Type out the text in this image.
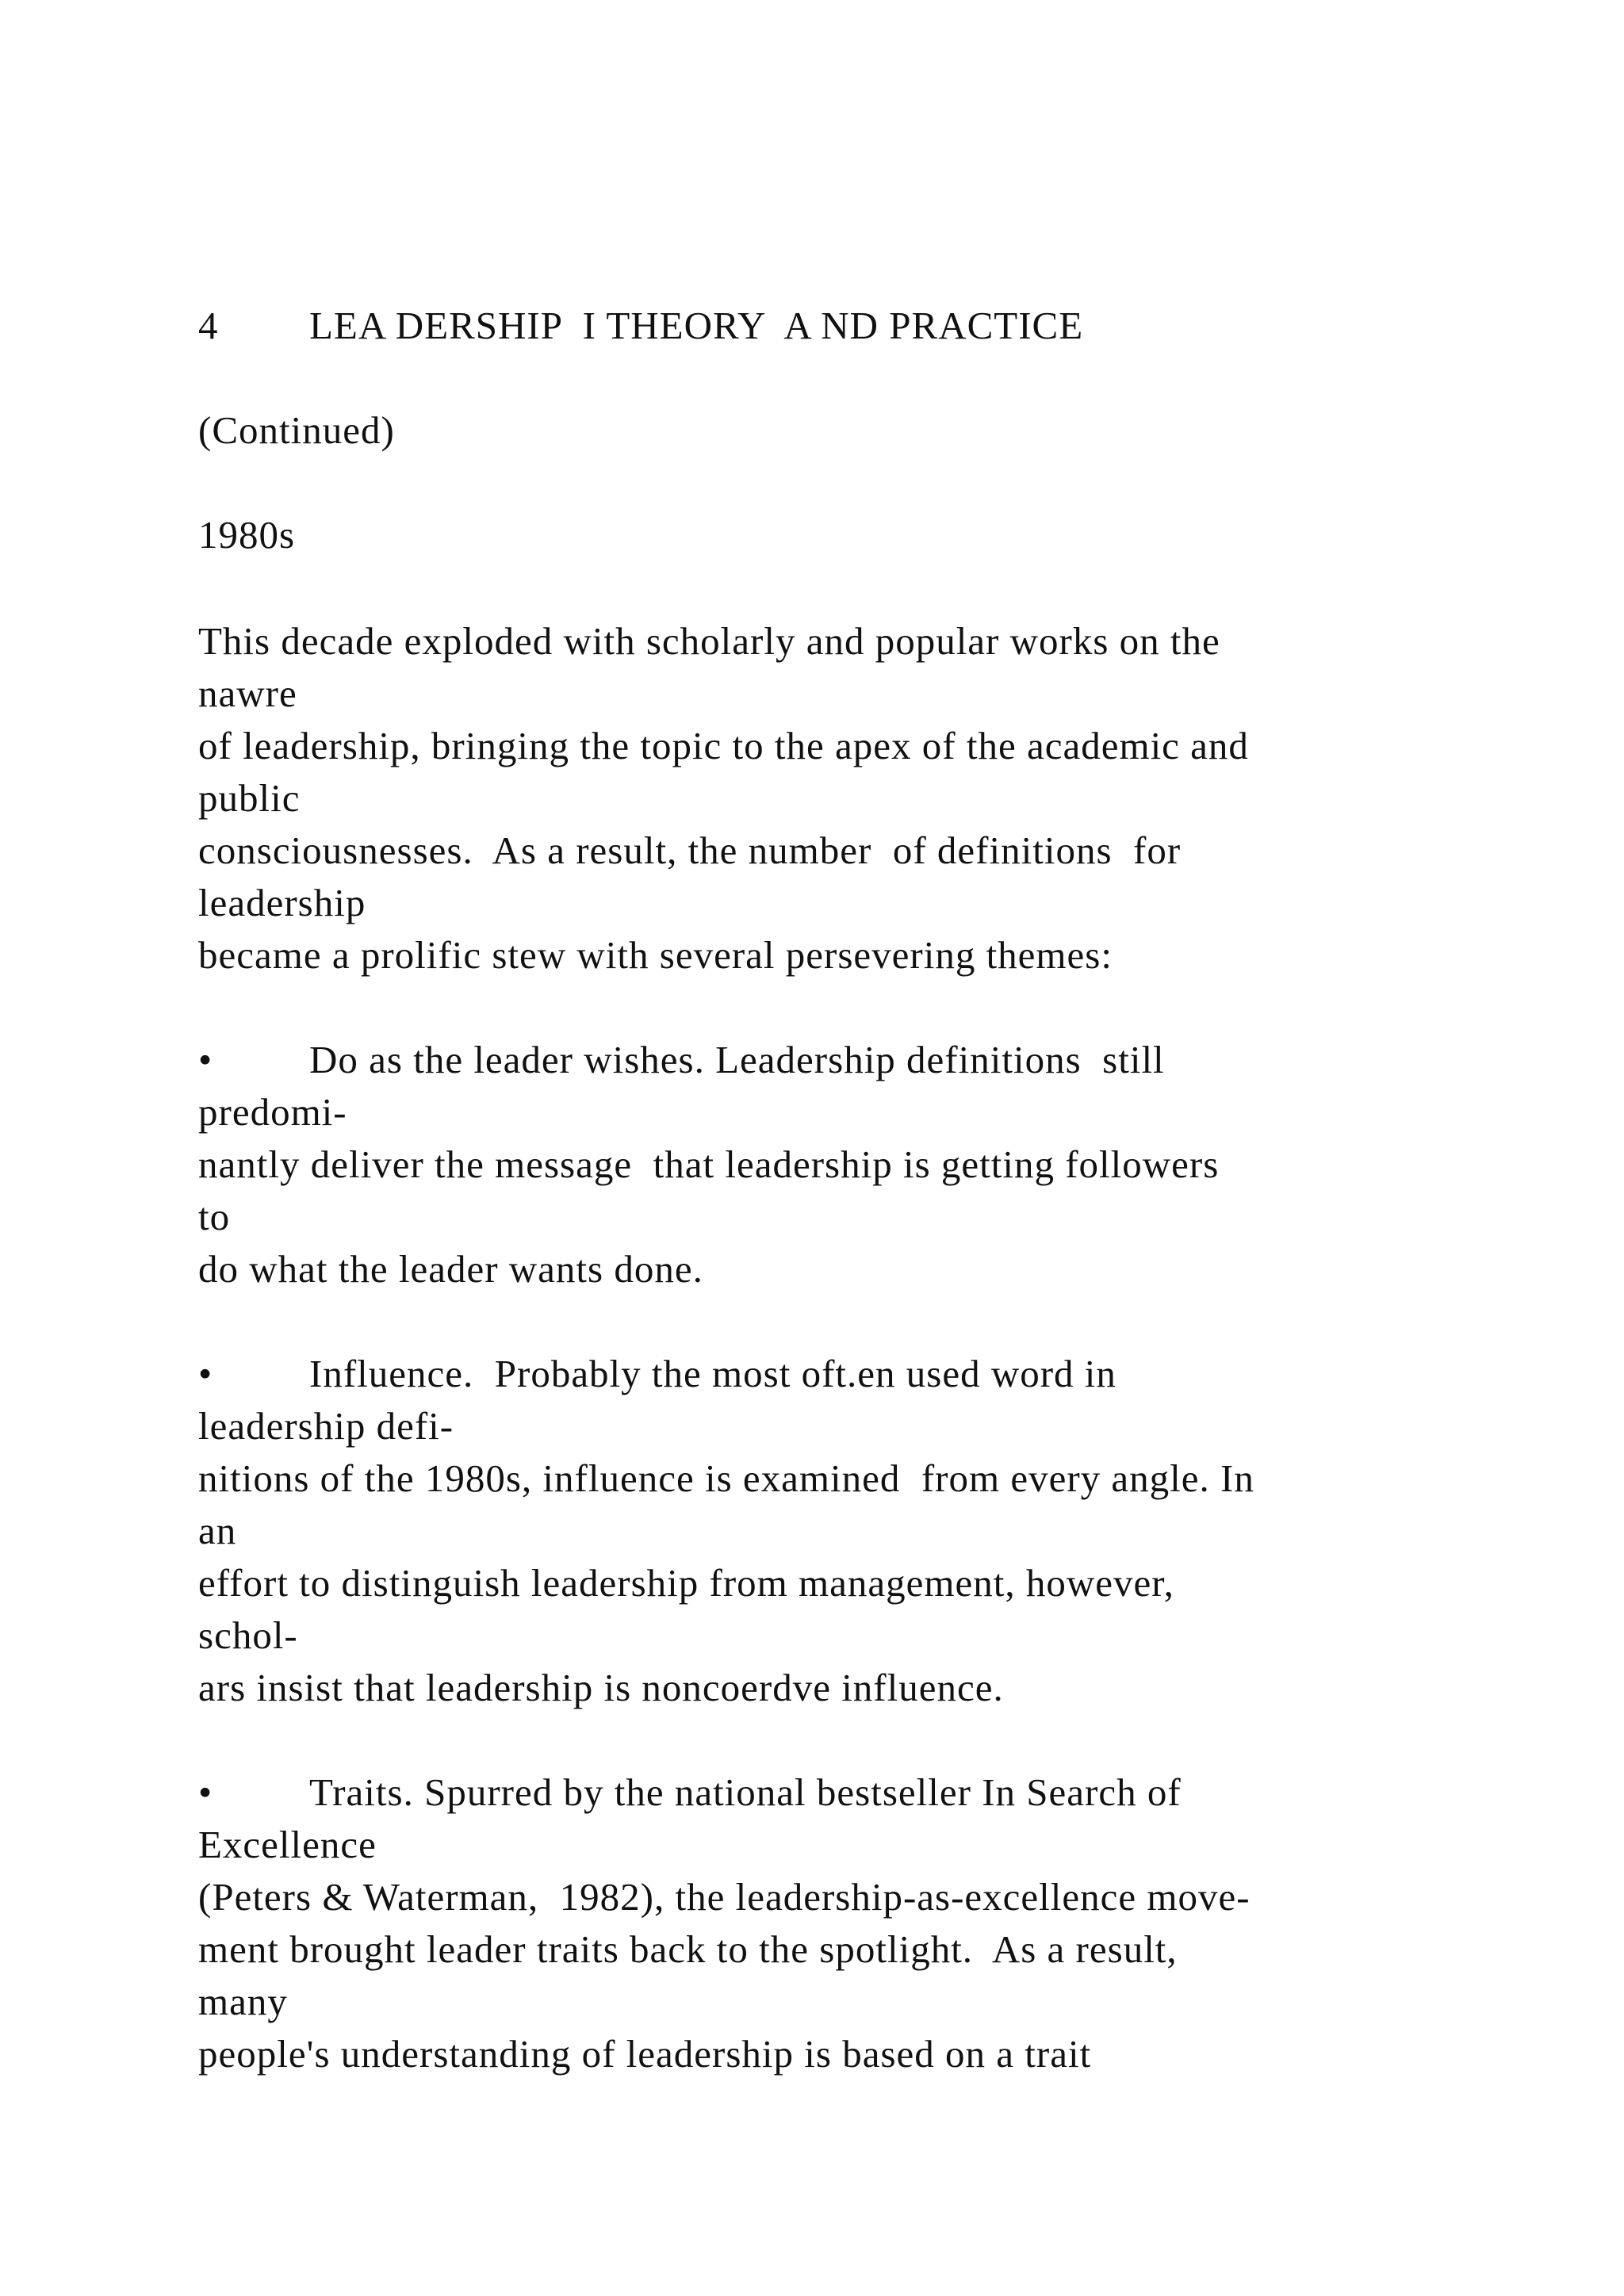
4 LEA DERSHIP  I THEORY  A ND PRACTICE
(Continued)
1980s
This decade exploded with scholarly and popular works on the
nawre
of leadership, bringing the topic to the apex of the academic and
public
consciousnesses.  As a result, the number  of definitions  for
leadership
became a prolific stew with several persevering themes:
•	Do as the leader wishes. Leadership definitions  still
predomi-
nantly deliver the message  that leadership is getting followers
to
do what the leader wants done.
•	Influence.  Probably the most oft.en used word in
leadership defi-
nitions of the 1980s, influence is examined  from every angle. In
an
effort to distinguish leadership from management, however,
schol-
ars insist that leadership is noncoerdve influence.
•	Traits. Spurred by the national bestseller In Search of
Excellence
(Peters & Waterman,  1982), the leadership-as-excellence move-
ment brought leader traits back to the spotlight.  As a result,
many
people's understanding of leadership is based on a trait
